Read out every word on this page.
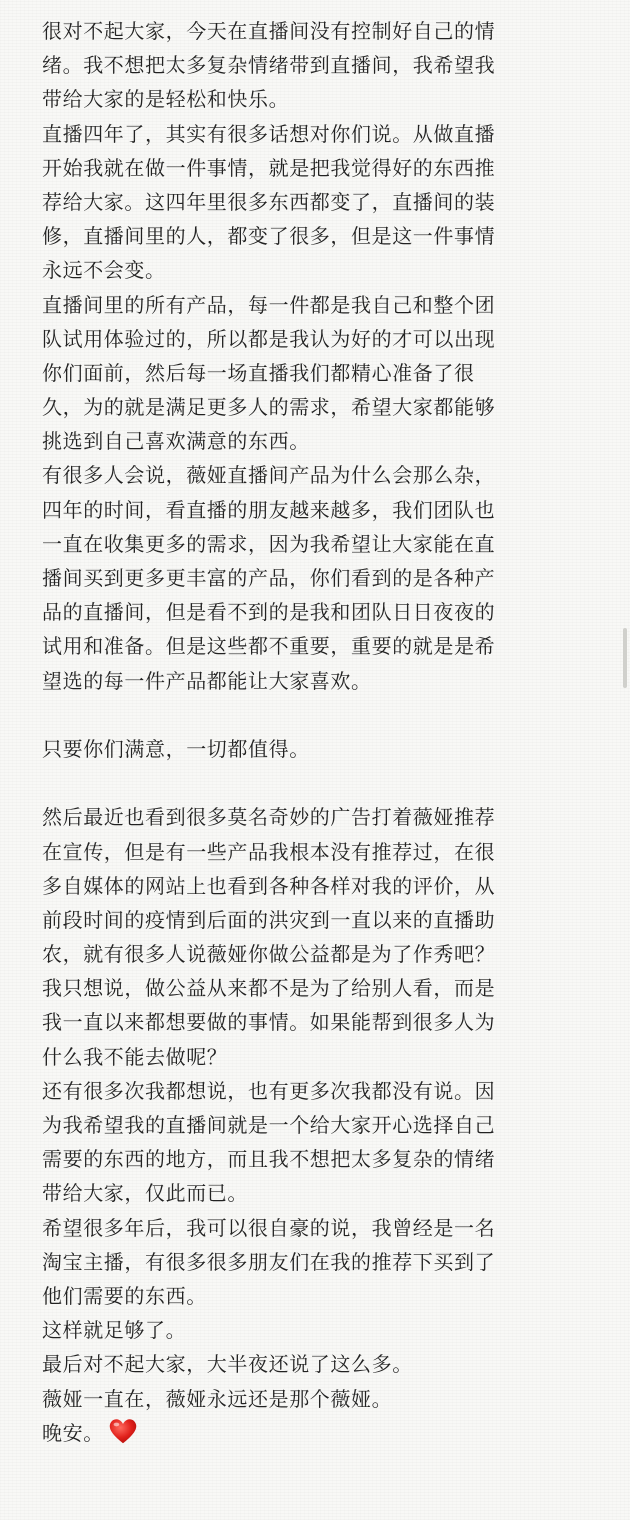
很对不起大家，今天在直播间没有控制好自己的情
绪。我不想把太多复杂情绪带到直播间，我希望我
带给大家的是轻松和快乐。
直播四年了，其实有很多话想对你们说。从做直播
开始我就在做一件事情，就是把我觉得好的东西推
荐给大家。这四年里很多东西都变了，直播间的装
修，直播间里的人，都变了很多，但是这一件事情
永远不会变。
直播间里的所有产品，每一件都是我自己和整个团
队试用体验过的，所以都是我认为好的才可以出现
你们面前，然后每一场直播我们都精心准备了很
久，为的就是满足更多人的需求，希望大家都能够
挑选到自己喜欢满意的东西。
有很多人会说，薇娅直播间产品为什么会那么杂，
四年的时间，看直播的朋友越来越多，我们团队也
一直在收集更多的需求，因为我希望让大家能在直
播间买到更多更丰富的产品，你们看到的是各种产
品的直播间，但是看不到的是我和团队日日夜夜的
试用和准备。但是这些都不重要，重要的就是是希
望选的每一件产品都能让大家喜欢。
只要你们满意，一切都值得。
然后最近也看到很多莫名奇妙的广告打着薇娅推荐
在宣传，但是有一些产品我根本没有推荐过，在很
多自媒体的网站上也看到各种各样对我的评价，从
前段时间的疫情到后面的洪灾到一直以来的直播助
农，就有很多人说薇娅你做公益都是为了作秀吧？
我只想说，做公益从来都不是为了给别人看，而是
我一直以来都想要做的事情。如果能帮到很多人为
什么我不能去做呢？
还有很多次我都想说，也有更多次我都没有说。因
为我希望我的直播间就是一个给大家开心选择自己
需要的东西的地方，而且我不想把太多复杂的情绪
带给大家，仅此而已。
希望很多年后，我可以很自豪的说，我曾经是一名
淘宝主播，有很多很多朋友们在我的推荐下买到了
他们需要的东西。
这样就足够了。
最后对不起大家，大半夜还说了这么多。
薇娅一直在，薇娅永远还是那个薇娅。
晚安。
